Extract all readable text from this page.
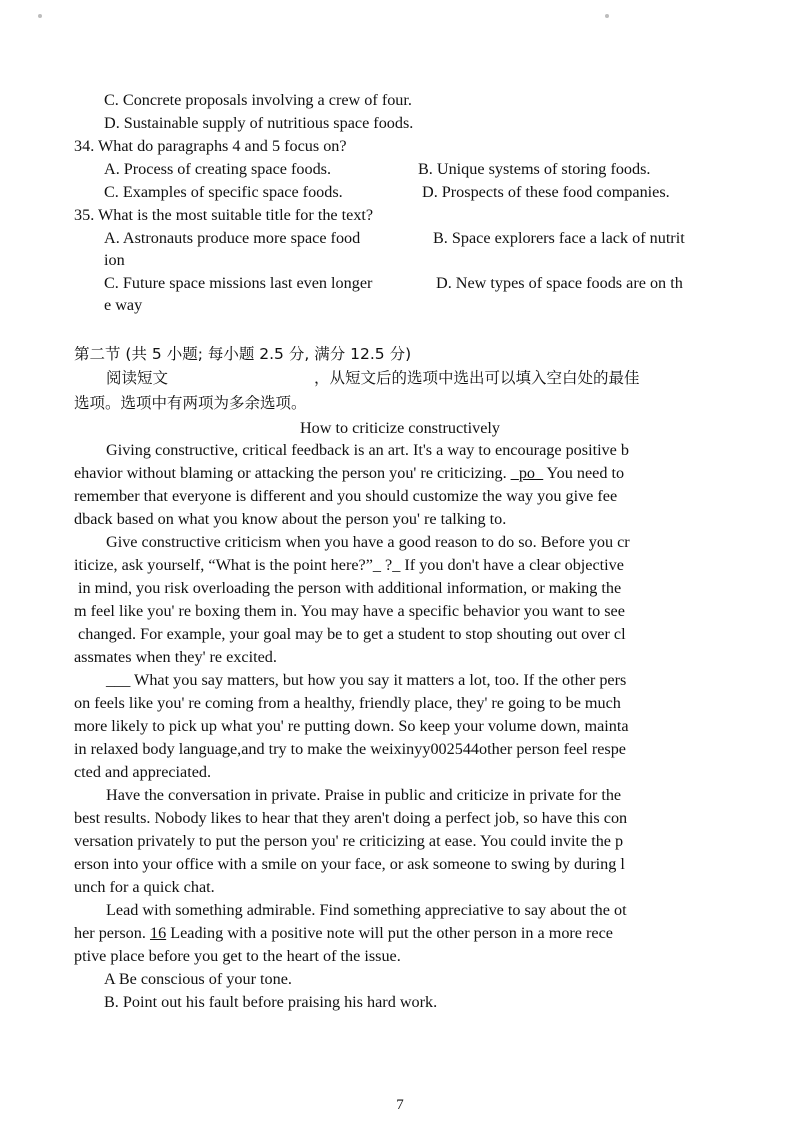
C. Concrete proposals involving a crew of four.
D. Sustainable supply of nutritious space foods.
34. What do paragraphs 4 and 5 focus on?
A. Process of creating space foods.	B. Unique systems of storing foods.
C. Examples of specific space foods.	D. Prospects of these food companies.
35. What is the most suitable title for the text?
A. Astronauts produce more space food	B. Space explorers face a lack of nutrit
ion
C. Future space missions last even longer	D. New types of space foods are on th
e way
第二节 (共 5 小题; 每小题 2.5 分, 满分 12.5 分)
阅读短文	，从短文后的选项中选出可以填入空白处的最佳
选项。选项中有两项为多余选项。
How to criticize constructively
Giving constructive, critical feedback is an art. It's a way to encourage positive b
ehavior without blaming or attacking the person you' re criticizing. _po_ You need to
remember that everyone is different and you should customize the way you give fee
dback based on what you know about the person you' re talking to.
Give constructive criticism when you have a good reason to do so. Before you cr
iticize, ask yourself, “What is the point here?”_ ?_ If you don't have a clear objective
in mind, you risk overloading the person with additional information, or making the
m feel like you' re boxing them in. You may have a specific behavior you want to see
changed. For example, your goal may be to get a student to stop shouting out over cl
assmates when they' re excited.
___ What you say matters, but how you say it matters a lot, too. If the other pers
on feels like you' re coming from a healthy, friendly place, they' re going to be much
more likely to pick up what you' re putting down. So keep your volume down, mainta
in relaxed body language,and try to make the weixinyy002544other person feel respe
cted and appreciated.
Have the conversation in private. Praise in public and criticize in private for the
best results. Nobody likes to hear that they aren't doing a perfect job, so have this con
versation privately to put the person you' re criticizing at ease. You could invite the p
erson into your office with a smile on your face, or ask someone to swing by during l
unch for a quick chat.
Lead with something admirable. Find something appreciative to say about the ot
her person. 16 Leading with a positive note will put the other person in a more rece
ptive place before you get to the heart of the issue.
A Be conscious of your tone.
B. Point out his fault before praising his hard work.
7
